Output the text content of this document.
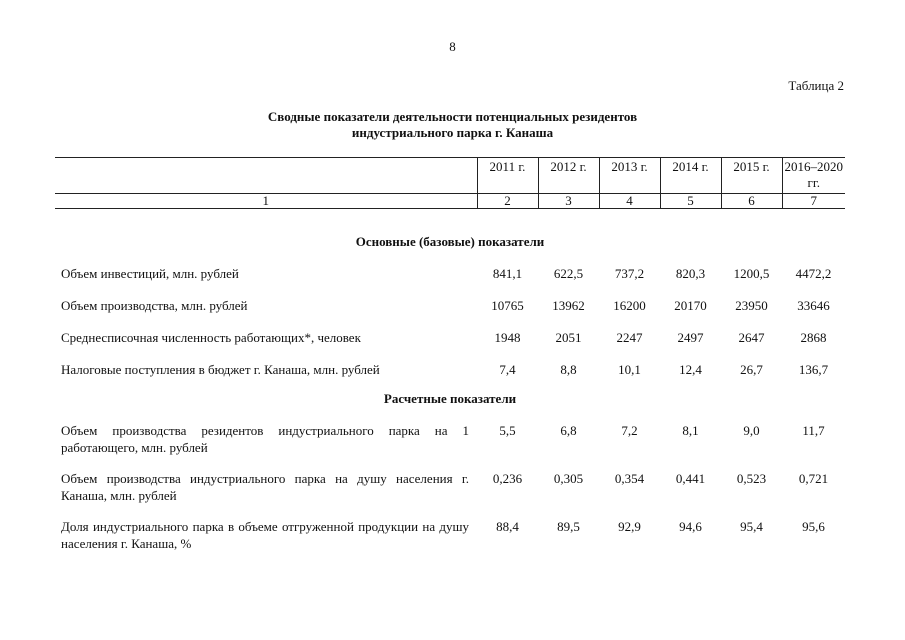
8
Таблица 2
Сводные показатели деятельности потенциальных резидентов
индустриального парка г. Канаша
	2011 г.	2012 г.	2013 г.	2014 г.	2015 г.	2016–2020 гг.
1	2	3	4	5	6	7

Основные (базовые) показатели						

Объем инвестиций, млн. рублей	841,1	622,5	737,2	820,3	1200,5	4472,2

Объем производства, млн. рублей	10765	13962	16200	20170	23950	33646

Среднесписочная численность работающих*, человек	1948	2051	2247	2497	2647	2868

Налоговые поступления в бюджет г. Канаша, млн. рублей	7,4	8,8	10,1	12,4	26,7	136,7

Расчетные показатели						

Объем производства резидентов индустриального парка на 1 работающего, млн. рублей	5,5	6,8	7,2	8,1	9,0	11,7

Объем производства индустриального парка на душу населения г. Канаша, млн. рублей	0,236	0,305	0,354	0,441	0,523	0,721

Доля индустриального парка в объеме отгруженной продукции на душу населения г. Канаша, %	88,4	89,5	92,9	94,6	95,4	95,6
